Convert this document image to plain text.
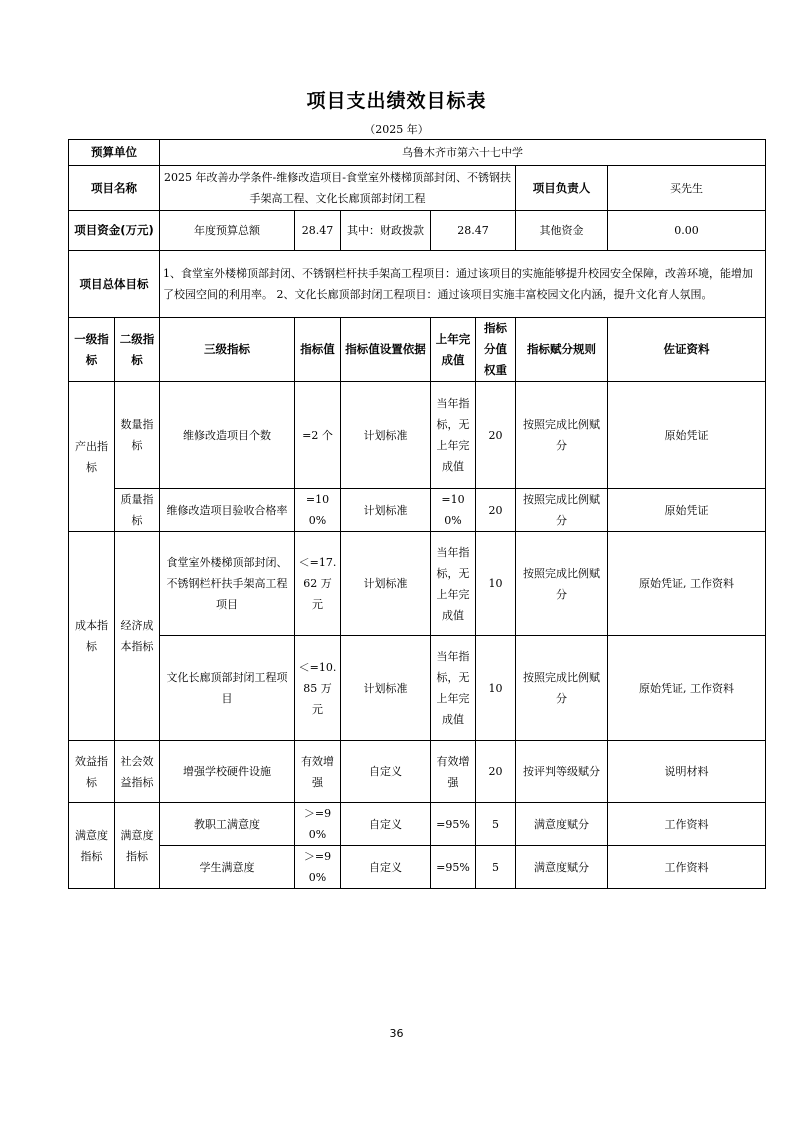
项目支出绩效目标表
（2025 年）
预算单位		乌鲁木齐市第六十七中学						
项目名称		2025 年改善办学条件-维修改造项目-食堂室外楼梯顶部封闭、不锈钢扶手架高工程、文化长廊顶部封闭工程					项目负责人	买先生
项目资金(万元)		年度预算总额	28.47	其中：财政拨款	28.47		其他资金	0.00
项目总体目标		1、食堂室外楼梯顶部封闭、不锈钢栏杆扶手架高工程项目：通过该项目的实施能够提升校园安全保障，改善环境，能增加了校园空间的利用率。 2、文化长廊顶部封闭工程项目：通过该项目实施丰富校园文化内涵，提升文化育人氛围。						
一级指标	二级指标	三级指标	指标值	指标值设置依据	上年完成值	指标分值权重	指标赋分规则	佐证资料
产出指标	数量指标	维修改造项目个数	=2 个	计划标准	当年指标，无上年完成值	20	按照完成比例赋分	原始凭证
	质量指标	维修改造项目验收合格率	=100%	计划标准	=100%	20	按照完成比例赋分	原始凭证
成本指标	经济成本指标	食堂室外楼梯顶部封闭、不锈钢栏杆扶手架高工程项目	＜=17.62 万元	计划标准	当年指标，无上年完成值	10	按照完成比例赋分	原始凭证, 工作资料
		文化长廊顶部封闭工程项目	＜=10.85 万元	计划标准	当年指标，无上年完成值	10	按照完成比例赋分	原始凭证, 工作资料
效益指标	社会效益指标	增强学校硬件设施	有效增强	自定义	有效增强	20	按评判等级赋分	说明材料
满意度指标	满意度指标	教职工满意度	＞=90%	自定义	=95%	5	满意度赋分	工作资料
		学生满意度	＞=90%	自定义	=95%	5	满意度赋分	工作资料
36
